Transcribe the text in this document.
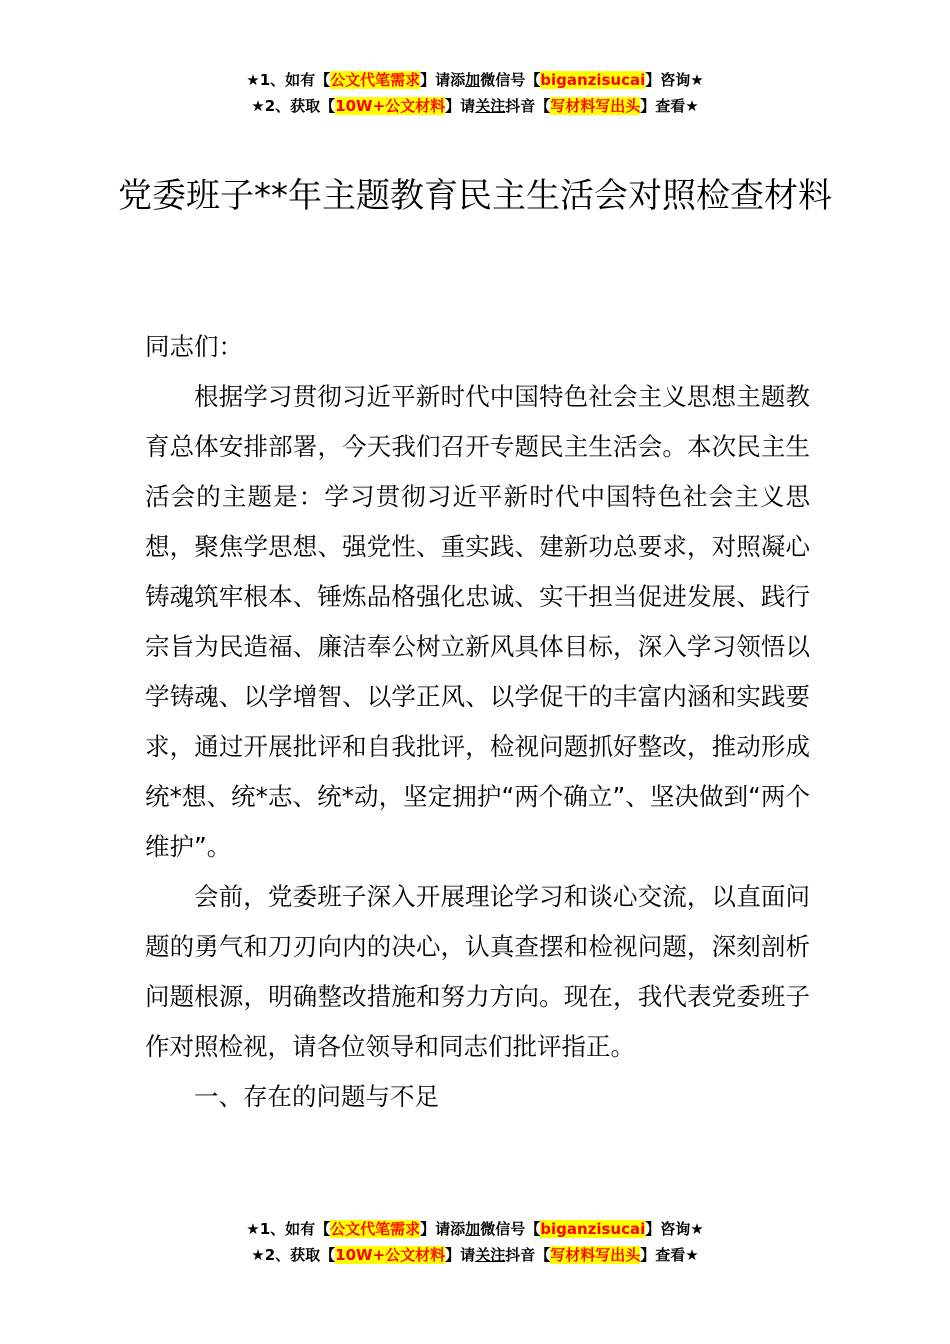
★1、如有【公文代笔需求】请添加微信号【biganzisucai】咨询★
★2、获取【10W+公文材料】请关注抖音【写材料写出头】查看★
党委班子**年主题教育民主生活会对照检查材料

同志们：

根据学习贯彻习近平新时代中国特色社会主义思想主题教育总体安排部署，今天我们召开专题民主生活会。本次民主生活会的主题是：学习贯彻习近平新时代中国特色社会主义思想，聚焦学思想、强党性、重实践、建新功总要求，对照凝心铸魂筑牢根本、锤炼品格强化忠诚、实干担当促进发展、践行宗旨为民造福、廉洁奉公树立新风具体目标，深入学习领悟以学铸魂、以学增智、以学正风、以学促干的丰富内涵和实践要求，通过开展批评和自我批评，检视问题抓好整改，推动形成统*想、统*志、统*动，坚定拥护“两个确立”、坚决做到“两个维护”。

会前，党委班子深入开展理论学习和谈心交流，以直面问题的勇气和刀刃向内的决心，认真查摆和检视问题，深刻剖析问题根源，明确整改措施和努力方向。现在，我代表党委班子作对照检视，请各位领导和同志们批评指正。

一、存在的问题与不足

★1、如有【公文代笔需求】请添加微信号【biganzisucai】咨询★
★2、获取【10W+公文材料】请关注抖音【写材料写出头】查看★
